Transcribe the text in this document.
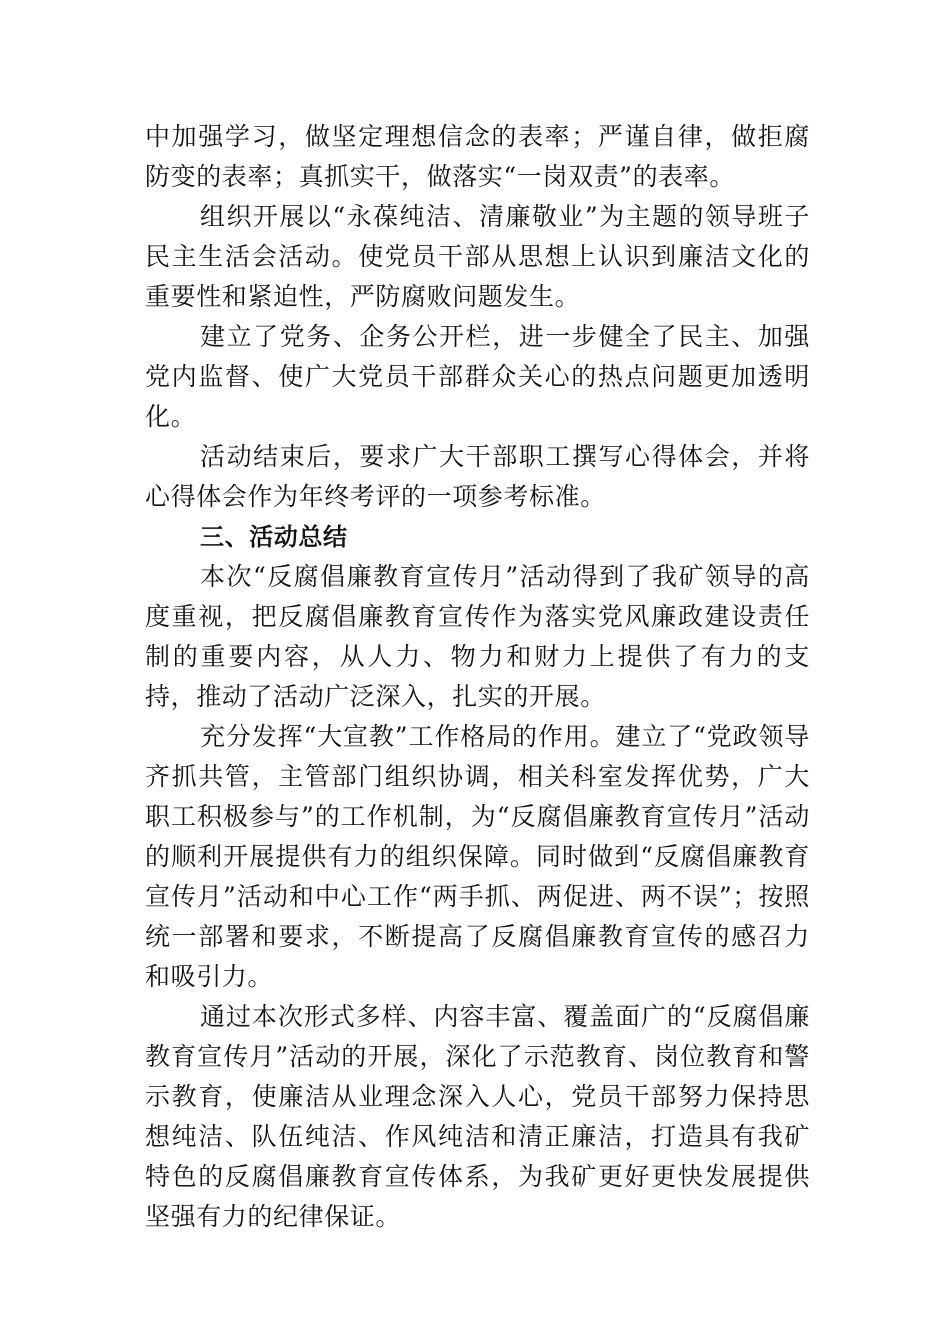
中加强学习，做坚定理想信念的表率；严谨自律，做拒腐防变的表率；真抓实干，做落实“一岗双责”的表率。

组织开展以“永葆纯洁、清廉敬业”为主题的领导班子民主生活会活动。使党员干部从思想上认识到廉洁文化的重要性和紧迫性，严防腐败问题发生。

建立了党务、企务公开栏，进一步健全了民主、加强党内监督、使广大党员干部群众关心的热点问题更加透明化。

活动结束后，要求广大干部职工撰写心得体会，并将心得体会作为年终考评的一项参考标准。

三、活动总结

本次“反腐倡廉教育宣传月”活动得到了我矿领导的高度重视，把反腐倡廉教育宣传作为落实党风廉政建设责任制的重要内容，从人力、物力和财力上提供了有力的支持，推动了活动广泛深入，扎实的开展。

充分发挥“大宣教”工作格局的作用。建立了“党政领导齐抓共管，主管部门组织协调，相关科室发挥优势，广大职工积极参与”的工作机制，为“反腐倡廉教育宣传月”活动的顺利开展提供有力的组织保障。同时做到“反腐倡廉教育宣传月”活动和中心工作“两手抓、两促进、两不误”；按照统一部署和要求，不断提高了反腐倡廉教育宣传的感召力和吸引力。

通过本次形式多样、内容丰富、覆盖面广的“反腐倡廉教育宣传月”活动的开展，深化了示范教育、岗位教育和警示教育，使廉洁从业理念深入人心，党员干部努力保持思想纯洁、队伍纯洁、作风纯洁和清正廉洁，打造具有我矿特色的反腐倡廉教育宣传体系，为我矿更好更快发展提供坚强有力的纪律保证。
